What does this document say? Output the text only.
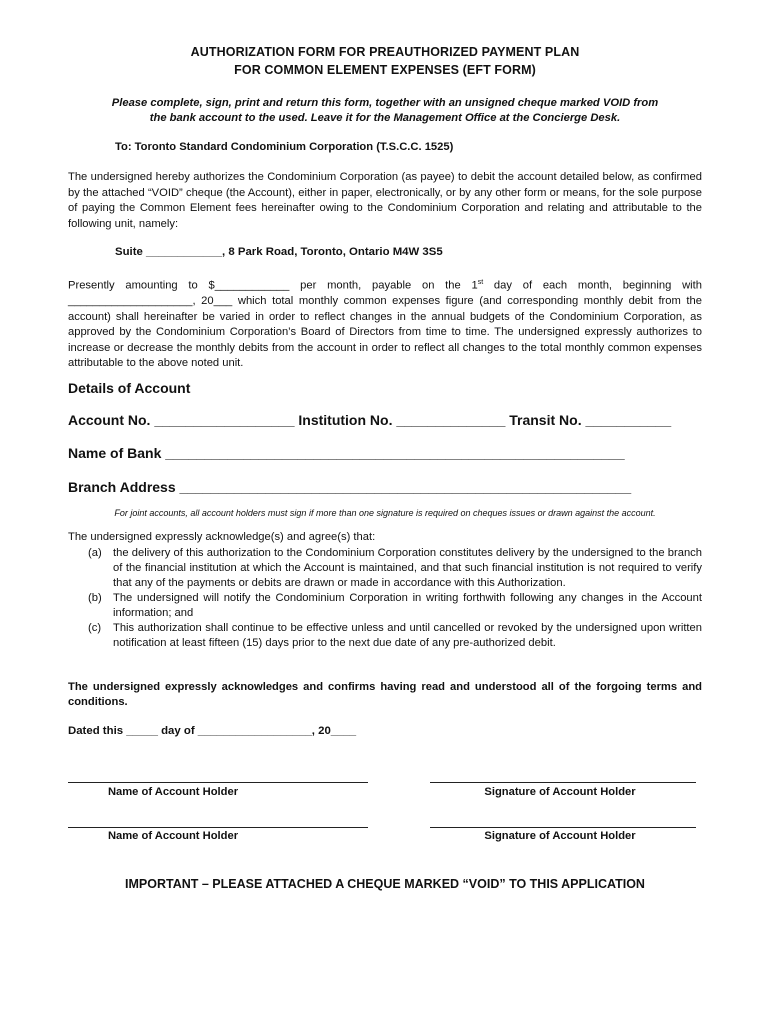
AUTHORIZATION FORM FOR PREAUTHORIZED PAYMENT PLAN
FOR COMMON ELEMENT EXPENSES (EFT FORM)
Please complete, sign, print and return this form, together with an unsigned cheque marked VOID from
the bank account to the used. Leave it for the Management Office at the Concierge Desk.
To: Toronto Standard Condominium Corporation (T.S.C.C. 1525)

The undersigned hereby authorizes the Condominium Corporation (as payee) to debit the account detailed below, as confirmed by the attached “VOID” cheque (the Account), either in paper, electronically, or by any other form or means, for the sole purpose of paying the Common Element fees hereinafter owing to the Condominium Corporation and relating and attributable to the following unit, namely:

Suite ____________, 8 Park Road, Toronto, Ontario M4W 3S5

Presently amounting to $____________ per month, payable on the 1st day of each month, beginning with ____________________, 20___ which total monthly common expenses figure (and corresponding monthly debit from the account) shall hereinafter be varied in order to reflect changes in the annual budgets of the Condominium Corporation, as approved by the Condominium Corporation’s Board of Directors from time to time. The undersigned expressly authorizes to increase or decrease the monthly debits from the account in order to reflect all changes to the total monthly common expenses attributable to the above noted unit.

Details of Account
Account No. __________________ Institution No. ______________ Transit No. ___________
Name of Bank ___________________________________________________________
Branch Address __________________________________________________________
For joint accounts, all account holders must sign if more than one signature is required on cheques issues or drawn against the account.
The undersigned expressly acknowledge(s) and agree(s) that:
(a) the delivery of this authorization to the Condominium Corporation constitutes delivery by the undersigned to the branch of the financial institution at which the Account is maintained, and that such financial institution is not required to verify that any of the payments or debits are drawn or made in accordance with this Authorization.
(b) The undersigned will notify the Condominium Corporation in writing forthwith following any changes in the Account information; and
(c) This authorization shall continue to be effective unless and until cancelled or revoked by the undersigned upon written notification at least fifteen (15) days prior to the next due date of any pre-authorized debit.

The undersigned expressly acknowledges and confirms having read and understood all of the forgoing terms and conditions.

Dated this _____ day of __________________, 20____
Name of Account Holder	Signature of Account Holder
Name of Account Holder	Signature of Account Holder
IMPORTANT – PLEASE ATTACHED A CHEQUE MARKED “VOID” TO THIS APPLICATION
